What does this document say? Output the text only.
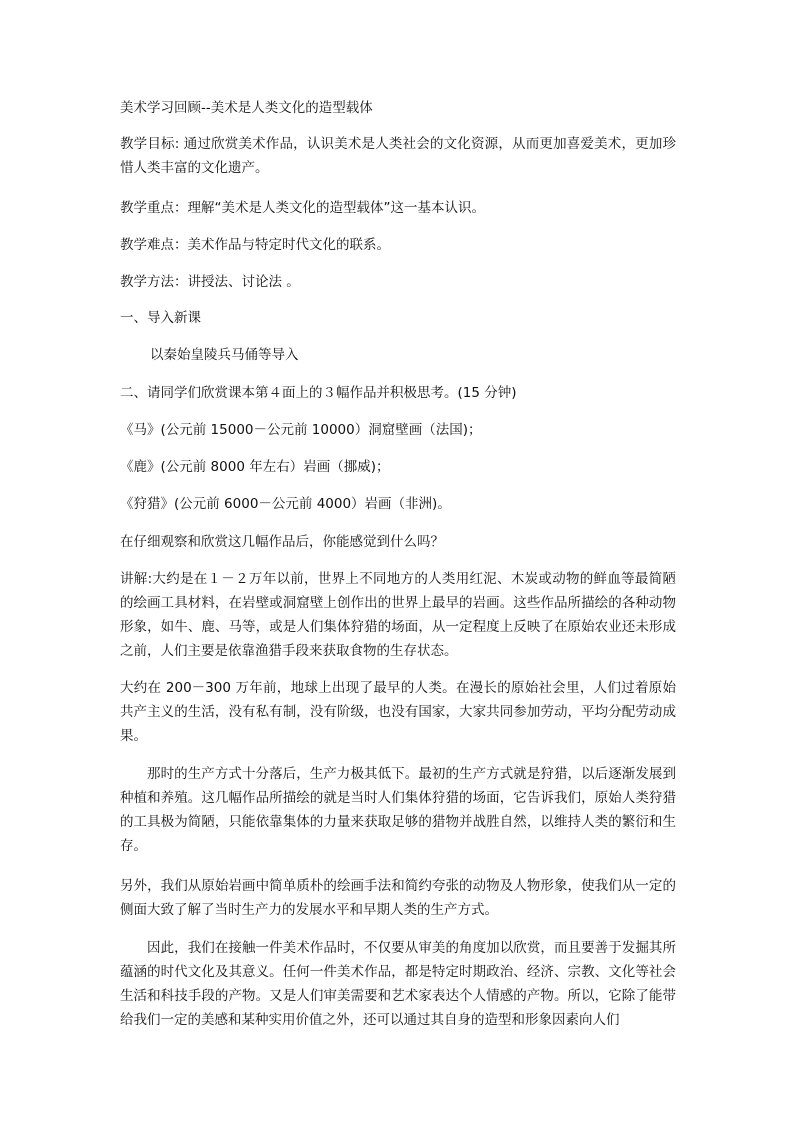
美术学习回顾--美术是人类文化的造型载体
教学目标: 通过欣赏美术作品，认识美术是人类社会的文化资源，从而更加喜爱美术，更加珍惜人类丰富的文化遗产。
教学重点：理解“美术是人类文化的造型载体”这一基本认识。
教学难点：美术作品与特定时代文化的联系。
教学方法：讲授法、讨论法 。
一、导入新课
以秦始皇陵兵马俑等导入
二、请同学们欣赏课本第４面上的３幅作品并积极思考。(15 分钟)
《马》(公元前 15000－公元前 10000）洞窟壁画（法国)；
《鹿》(公元前 8000 年左右）岩画（挪威)；
《狩猎》(公元前 6000－公元前 4000）岩画（非洲)。
在仔细观察和欣赏这几幅作品后，你能感觉到什么吗？
讲解:大约是在１－２万年以前，世界上不同地方的人类用红泥、木炭或动物的鲜血等最简陋的绘画工具材料，在岩壁或洞窟壁上创作出的世界上最早的岩画。这些作品所描绘的各种动物形象，如牛、鹿、马等，或是人们集体狩猎的场面，从一定程度上反映了在原始农业还未形成之前，人们主要是依靠渔猎手段来获取食物的生存状态。
大约在 200－300 万年前，地球上出现了最早的人类。在漫长的原始社会里，人们过着原始共产主义的生活，没有私有制，没有阶级，也没有国家，大家共同参加劳动，平均分配劳动成果。
那时的生产方式十分落后，生产力极其低下。最初的生产方式就是狩猎，以后逐渐发展到种植和养殖。这几幅作品所描绘的就是当时人们集体狩猎的场面，它告诉我们，原始人类狩猎的工具极为简陋，只能依靠集体的力量来获取足够的猎物并战胜自然，以维持人类的繁衍和生存。
另外，我们从原始岩画中简单质朴的绘画手法和简约夸张的动物及人物形象，使我们从一定的侧面大致了解了当时生产力的发展水平和早期人类的生产方式。
因此，我们在接触一件美术作品时，不仅要从审美的角度加以欣赏，而且要善于发掘其所蕴涵的时代文化及其意义。任何一件美术作品，都是特定时期政治、经济、宗教、文化等社会生活和科技手段的产物。又是人们审美需要和艺术家表达个人情感的产物。所以，它除了能带给我们一定的美感和某种实用价值之外，还可以通过其自身的造型和形象因素向人们
